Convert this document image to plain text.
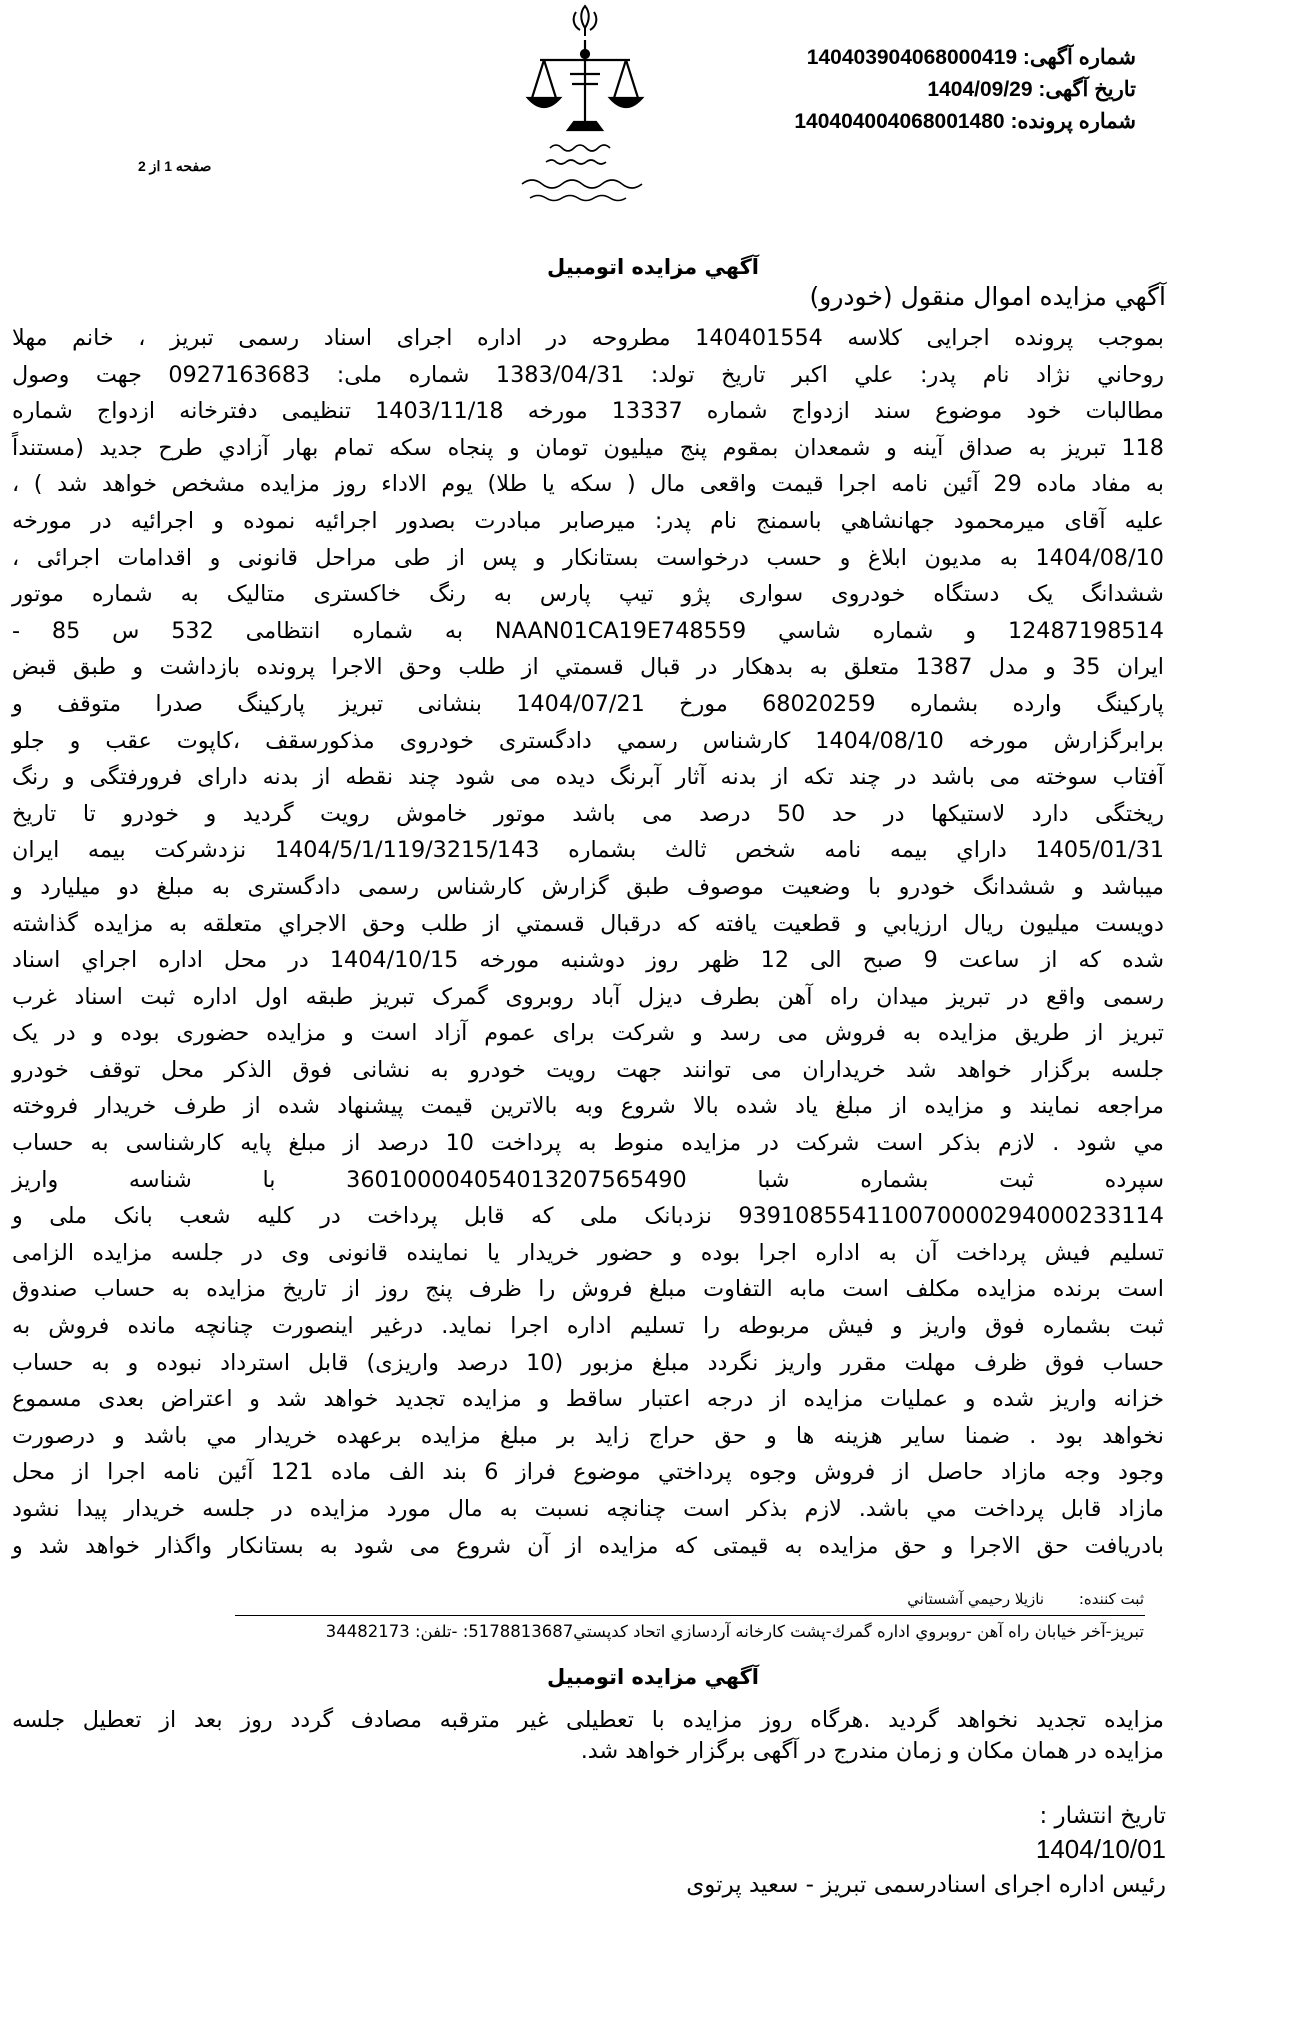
شماره آگهی: 140403904068000419
تاریخ آگهی: 1404/09/29
شماره پرونده: 140404004068001480
صفحه 1 از 2
آگهي مزايده اتومبيل
آگهي مزايده اموال منقول (خودرو)
بموجب پرونده اجرایی کلاسه 140401554 مطروحه در اداره اجرای اسناد رسمی تبریز ، خانم مهلا
روحاني نژاد نام پدر: علي اكبر تاريخ تولد: 1383/04/31 شماره ملی: 0927163683 جهت وصول
مطالبات خود موضوع سند ازدواج شماره 13337 مورخه 1403/11/18 تنظیمی دفترخانه ازدواج شماره
118 تبریز به صداق آینه و شمعدان بمقوم پنج میلیون تومان و پنجاه سکه تمام بهار آزادي طرح جديد (مستنداً
به مفاد ماده 29 آئین نامه اجرا قیمت واقعی مال ( سکه یا طلا) یوم الاداء روز مزایده مشخص خواهد شد ) ،
علیه آقای میرمحمود جهانشاهي باسمنج نام پدر: میرصابر مبادرت بصدور اجرائيه نموده و اجرائيه در مورخه
1404/08/10 به مدیون ابلاغ و حسب درخواست بستانکار و پس از طی مراحل قانونی و اقدامات اجرائی ،
ششدانگ یک دستگاه خودروی سواری پژو تیپ پارس به رنگ خاکستری متالیک به شماره موتور
12487198514 و شماره شاسي NAAN01CA19E748559 به شماره انتظامی 532 س 85 -
ایران 35 و مدل 1387 متعلق به بدهکار در قبال قسمتي از طلب وحق الاجرا پرونده بازداشت و طبق قبض
پارکینگ وارده بشماره 68020259 مورخ 1404/07/21 بنشانی تبریز پارکینگ صدرا متوقف و
برابرگزارش مورخه 1404/08/10 کارشناس رسمي دادگستری خودروی مذکورسقف ،کاپوت عقب و جلو
آفتاب سوخته می باشد در چند تکه از بدنه آثار آبرنگ دیده می شود چند نقطه از بدنه دارای فرورفتگی و رنگ
ریختگی دارد لاستیکها در حد 50 درصد می باشد موتور خاموش رویت گردید و خودرو تا تاريخ
1405/01/31 داراي بیمه نامه شخص ثالث بشماره 1404/5/1/119/3215/143 نزدشرکت بیمه ایران
میباشد و ششدانگ خودرو با وضعيت موصوف طبق گزارش کارشناس رسمی دادگستری به مبلغ دو میلیارد و
دویست میلیون ریال ارزيابي و قطعيت يافته كه درقبال قسمتي از طلب وحق الاجراي متعلقه به مزايده گذاشته
شده كه از ساعت 9 صبح الی 12 ظهر روز دوشنبه مورخه 1404/10/15 در محل اداره اجراي اسناد
رسمی واقع در تبریز میدان راه آهن بطرف دیزل آباد روبروی گمرک تبریز طبقه اول اداره ثبت اسناد غرب
تبریز از طريق مزايده به فروش می رسد و شرکت برای عموم آزاد است و مزایده حضوری بوده و در یک
جلسه برگزار خواهد شد خريداران می توانند جهت رويت خودرو به نشانی فوق الذکر محل توقف خودرو
مراجعه نمایند و مزايده از مبلغ ياد شده بالا شروع وبه بالاترين قيمت پيشنهاد شده از طرف خريدار فروخته
مي شود . لازم بذکر است شرکت در مزايده منوط به پرداخت 10 درصد از مبلغ پايه کارشناسی به حساب
سپرده ثبت بشماره شبا 360100004054013207565490 با شناسه واریز
939108554110070000294000233114 نزدبانک ملی که قابل پرداخت در کلیه شعب بانک ملی و
تسلیم فيش پرداخت آن به اداره اجرا بوده و حضور خريدار يا نماينده قانونی وی در جلسه مزايده الزامی
است برنده مزايده مكلف است مابه التفاوت مبلغ فروش را ظرف پنج روز از تاریخ مزایده به حساب صندوق
ثبت بشماره فوق واریز و فیش مربوطه را تسلیم اداره اجرا نماید. درغیر اینصورت چنانچه مانده فروش به
حساب فوق ظرف مهلت مقرر واریز نگردد مبلغ مزبور (10 درصد واریزی) قابل استرداد نبوده و به حساب
خزانه واریز شده و عملیات مزایده از درجه اعتبار ساقط و مزایده تجدید خواهد شد و اعتراض بعدی مسموع
نخواهد بود . ضمنا سایر هزینه ها و حق حراج زاید بر مبلغ مزایده برعهده خریدار مي باشد و درصورت
وجود وجه مازاد حاصل از فروش وجوه پرداختي موضوع فراز 6 بند الف ماده 121 آئین نامه اجرا از محل
مازاد قابل پرداخت مي باشد. لازم بذکر است چنانچه نسبت به مال مورد مزایده در جلسه خریدار پیدا نشود
بادریافت حق الاجرا و حق مزایده به قیمتی که مزایده از آن شروع می شود به بستانکار واگذار خواهد شد و
ثبت كننده: نازيلا رحيمي آشستاني
تبریز-آخر خیابان راه آهن -روبروي اداره گمرك-پشت کارخانه آردسازي اتحاد کدپستي5178813687: -تلفن: 34482173
آگهي مزايده اتومبيل
مزایده تجدید نخواهد گردید .هرگاه روز مزایده با تعطیلی غیر مترقبه مصادف گردد روز بعد از تعطیل جلسه
مزایده در همان مکان و زمان مندرج در آگهی برگزار خواهد شد.
تاریخ انتشار :
1404/10/01
رئیس اداره اجرای اسنادرسمی تبریز - سعید پرتوی
